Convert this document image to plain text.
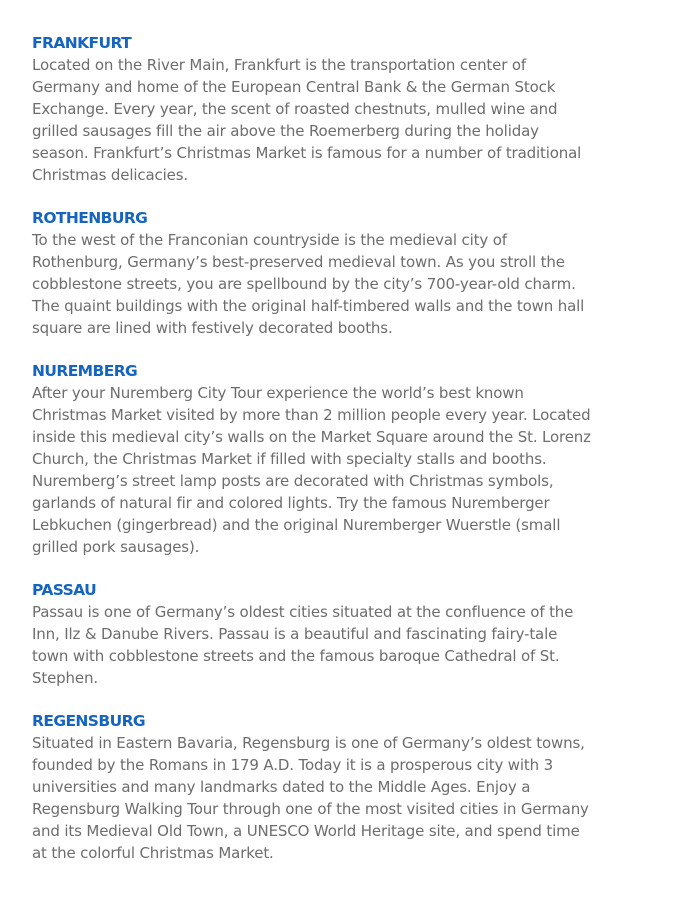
FRANKFURT

Located on the River Main, Frankfurt is the transportation center of
Germany and home of the European Central Bank & the German Stock
Exchange. Every year, the scent of roasted chestnuts, mulled wine and
grilled sausages fill the air above the Roemerberg during the holiday
season. Frankfurt’s Christmas Market is famous for a number of traditional
Christmas delicacies.

ROTHENBURG

To the west of the Franconian countryside is the medieval city of
Rothenburg, Germany’s best-preserved medieval town. As you stroll the
cobblestone streets, you are spellbound by the city’s 700-year-old charm.
The quaint buildings with the original half-timbered walls and the town hall
square are lined with festively decorated booths.

NUREMBERG

After your Nuremberg City Tour experience the world’s best known
Christmas Market visited by more than 2 million people every year. Located
inside this medieval city’s walls on the Market Square around the St. Lorenz
Church, the Christmas Market if filled with specialty stalls and booths.
Nuremberg’s street lamp posts are decorated with Christmas symbols,
garlands of natural fir and colored lights. Try the famous Nuremberger
Lebkuchen (gingerbread) and the original Nuremberger Wuerstle (small
grilled pork sausages).

PASSAU

Passau is one of Germany’s oldest cities situated at the confluence of the
Inn, Ilz & Danube Rivers. Passau is a beautiful and fascinating fairy-tale
town with cobblestone streets and the famous baroque Cathedral of St.
Stephen.

REGENSBURG

Situated in Eastern Bavaria, Regensburg is one of Germany’s oldest towns,
founded by the Romans in 179 A.D. Today it is a prosperous city with 3
universities and many landmarks dated to the Middle Ages. Enjoy a
Regensburg Walking Tour through one of the most visited cities in Germany
and its Medieval Old Town, a UNESCO World Heritage site, and spend time
at the colorful Christmas Market.
